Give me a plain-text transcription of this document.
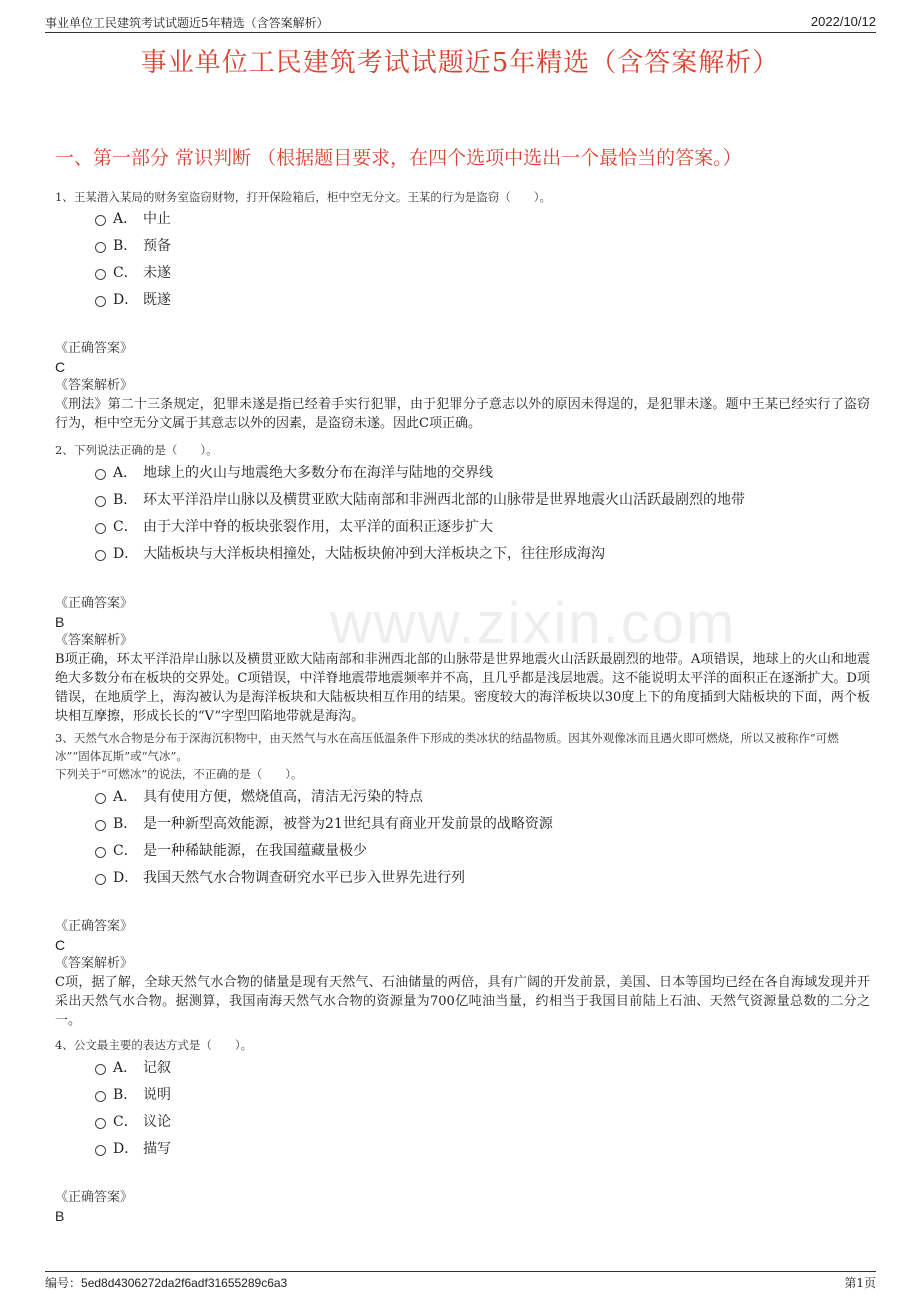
事业单位工民建筑考试试题近5年精选（含答案解析）	2022/10/12
事业单位工民建筑考试试题近5年精选（含答案解析）
一、第一部分 常识判断 （根据题目要求，在四个选项中选出一个最恰当的答案。）
www.zixin.com
1、王某潜入某局的财务室盗窃财物，打开保险箱后，柜中空无分文。王某的行为是盗窃（　　）。
A． 中止
B． 预备
C． 未遂
D． 既遂
《正确答案》
C
《答案解析》
《刑法》第二十三条规定，犯罪未遂是指已经着手实行犯罪，由于犯罪分子意志以外的原因未得逞的，是犯罪未遂。题中王某已经实行了盗窃行为，柜中空无分文属于其意志以外的因素，是盗窃未遂。因此C项正确。
2、下列说法正确的是（　　）。
A． 地球上的火山与地震绝大多数分布在海洋与陆地的交界线
B． 环太平洋沿岸山脉以及横贯亚欧大陆南部和非洲西北部的山脉带是世界地震火山活跃最剧烈的地带
C． 由于大洋中脊的板块张裂作用，太平洋的面积正逐步扩大
D． 大陆板块与大洋板块相撞处，大陆板块俯冲到大洋板块之下，往往形成海沟
《正确答案》
B
《答案解析》
B项正确，环太平洋沿岸山脉以及横贯亚欧大陆南部和非洲西北部的山脉带是世界地震火山活跃最剧烈的地带。A项错误，地球上的火山和地震绝大多数分布在板块的交界处。C项错误，中洋脊地震带地震频率并不高，且几乎都是浅层地震。这不能说明太平洋的面积正在逐渐扩大。D项错误，在地质学上，海沟被认为是海洋板块和大陆板块相互作用的结果。密度较大的海洋板块以30度上下的角度插到大陆板块的下面，两个板块相互摩擦，形成长长的“V”字型凹陷地带就是海沟。
3、天然气水合物是分布于深海沉积物中，由天然气与水在高压低温条件下形成的类冰状的结晶物质。因其外观像冰而且遇火即可燃烧，所以又被称作“可燃冰”“固体瓦斯”或“气冰”。
下列关于“可燃冰”的说法，不正确的是（　　）。
A． 具有使用方便，燃烧值高，清洁无污染的特点
B． 是一种新型高效能源，被誉为21世纪具有商业开发前景的战略资源
C． 是一种稀缺能源，在我国蕴藏量极少
D． 我国天然气水合物调查研究水平已步入世界先进行列
《正确答案》
C
《答案解析》
C项，据了解，全球天然气水合物的储量是现有天然气、石油储量的两倍，具有广阔的开发前景，美国、日本等国均已经在各自海域发现并开采出天然气水合物。据测算，我国南海天然气水合物的资源量为700亿吨油当量，约相当于我国目前陆上石油、天然气资源量总数的二分之一。
4、公文最主要的表达方式是（　　）。
A． 记叙
B． 说明
C． 议论
D． 描写
《正确答案》
B
编号：5ed8d4306272da2f6adf31655289c6a3	第1页
